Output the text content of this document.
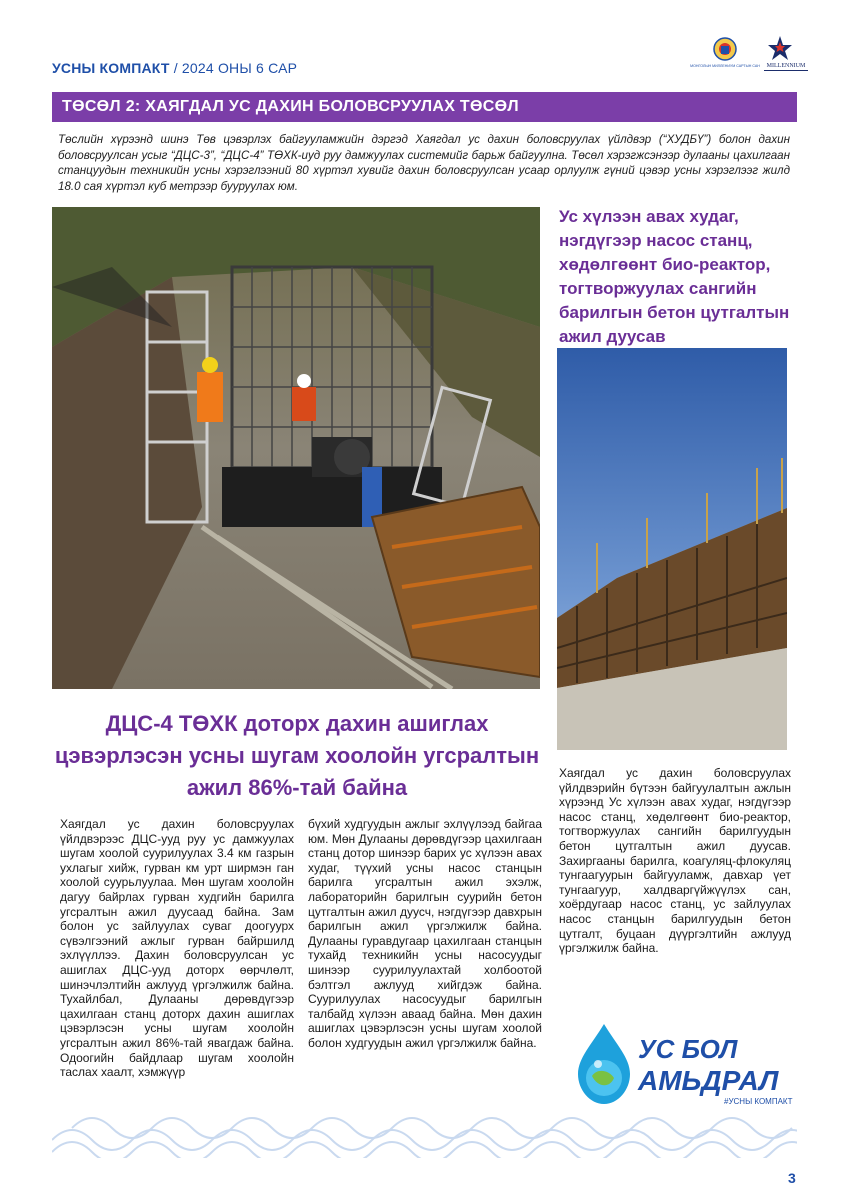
УСНЫ КОМПАКТ / 2024 ОНЫ 6 САР	МОНГОЛЫН МИЛЛЕНИУМ САРТЫН САН MILLENNIUM
ТӨСӨЛ 2: ХАЯГДАЛ УС ДАХИН БОЛОВСРУУЛАХ ТӨСӨЛ
Төслийн хүрээнд шинэ Төв цэвэрлэх байгууламжийн дэргэд Хаягдал ус дахин боловсруулах үйлдвэр (“ХУДБҮ”) болон дахин боловсруулсан усыг “ДЦС-3”, “ДЦС-4” ТӨХК-иуд руу дамжуулах системийг барьж байгуулна. Төсөл хэрэгжсэнээр дулааны цахилгаан станцуудын техникийн усны хэрэглээний 80 хүртэл хувийг дахин боловсруулсан усаар орлуулж гүний цэвэр усны хэрэглээг жилд 18.0 сая хүртэл куб метрээр бууруулах юм.
Ус хүлээн авах худаг, нэгдүгээр насос станц, хөдөлгөөнт био-реактор, тогтворжуулах сангийн барилгын бетон цутгалтын ажил дуусав
ДЦС-4 ТӨХК доторх дахин ашиглах цэвэрлэсэн усны шугам хоолойн угсралтын ажил 86%-тай байна

Хаягдал ус дахин боловсруулах үйлдвэрээс ДЦС-ууд руу ус дамжуулах шугам хоолой суурилуулах 3.4 км газрын ухлагыг хийж, гурван км урт ширмэн ган хоолой суурьлуулаа. Мөн шугам хоолойн дагуу байрлах гурван худгийн барилга угсралтын ажил дуусаад байна. Зам болон ус зайлуулах суваг доогуурх сүвэлгээний ажлыг гурван байршилд эхлүүллээ. Дахин боловсруулсан ус ашиглах ДЦС-ууд доторх өөрчлөлт, шинэчлэлтийн ажлууд үргэлжилж байна. Тухайлбал, Дулааны дөрөвдүгээр цахилгаан станц доторх дахин ашиглах цэвэрлэсэн усны шугам хоолойн угсралтын ажил 86%-тай явагдаж байна. Одоогийн байдлаар шугам хоолойн таслах хаалт, хэмжүүр

бүхий худгуудын ажлыг эхлүүлээд байгаа юм. Мөн Дулааны дөрөвдүгээр цахилгаан станц дотор шинээр барих ус хүлээн авах худаг, түүхий усны насос станцын барилга угсралтын ажил эхэлж, лабораторийн барилгын суурийн бетон цутгалтын ажил дуусч, нэгдүгээр давхрын барилгын ажил үргэлжилж байна. Дулааны гуравдугаар цахилгаан станцын тухайд техникийн усны насосуудыг шинээр суурилуулахтай холбоотой бэлтгэл ажлууд хийгдэж байна. Суурилуулах насосуудыг барилгын талбайд хүлээн аваад байна. Мөн дахин ашиглах цэвэрлэсэн усны шугам хоолой болон худгуудын ажил үргэлжилж байна.

Хаягдал ус дахин боловсруулах үйлдвэрийн бүтээн байгуулалтын ажлын хүрээнд Ус хүлээн авах худаг, нэгдүгээр насос станц, хөдөлгөөнт био-реактор, тогтворжуулах сангийн барилгуудын бетон цутгалтын ажил дуусав. Захиргааны барилга, коагуляц-флокуляц тунгаагуурын байгууламж, давхар үет тунгаагуур, халдваргүйжүүлэх сан, хоёрдугаар насос станц, ус зайлуулах насос станцын барилгуудын бетон цутгалт, буцаан дүүргэлтийн ажлууд үргэлжилж байна.

УС БОЛ
АМЬДРАЛ
#УСНЫ КОМПАКТ
3
